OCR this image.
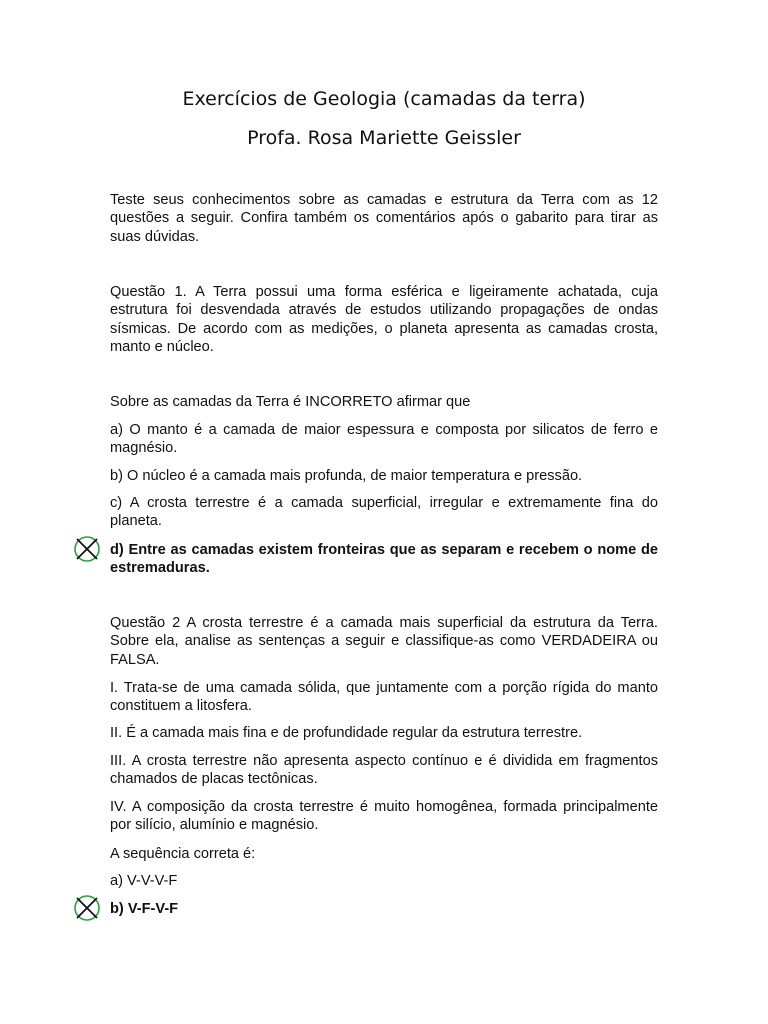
Exercícios de Geologia (camadas da terra)
Profa. Rosa Mariette Geissler
Teste seus conhecimentos sobre as camadas e estrutura da Terra com as 12 questões a seguir. Confira também os comentários após o gabarito para tirar as suas dúvidas.
Questão 1. A Terra possui uma forma esférica e ligeiramente achatada, cuja estrutura foi desvendada através de estudos utilizando propagações de ondas sísmicas. De acordo com as medições, o planeta apresenta as camadas crosta, manto e núcleo.
Sobre as camadas da Terra é INCORRETO afirmar que
a) O manto é a camada de maior espessura e composta por silicatos de ferro e magnésio.
b) O núcleo é a camada mais profunda, de maior temperatura e pressão.
c) A crosta terrestre é a camada superficial, irregular e extremamente fina do planeta.
d) Entre as camadas existem fronteiras que as separam e recebem o nome de estremaduras.
Questão 2 A crosta terrestre é a camada mais superficial da estrutura da Terra. Sobre ela, analise as sentenças a seguir e classifique-as como VERDADEIRA ou FALSA.
I. Trata-se de uma camada sólida, que juntamente com a porção rígida do manto constituem a litosfera.
II. É a camada mais fina e de profundidade regular da estrutura terrestre.
III. A crosta terrestre não apresenta aspecto contínuo e é dividida em fragmentos chamados de placas tectônicas.
IV. A composição da crosta terrestre é muito homogênea, formada principalmente por silício, alumínio e magnésio.
A sequência correta é:
a) V-V-V-F
b) V-F-V-F
